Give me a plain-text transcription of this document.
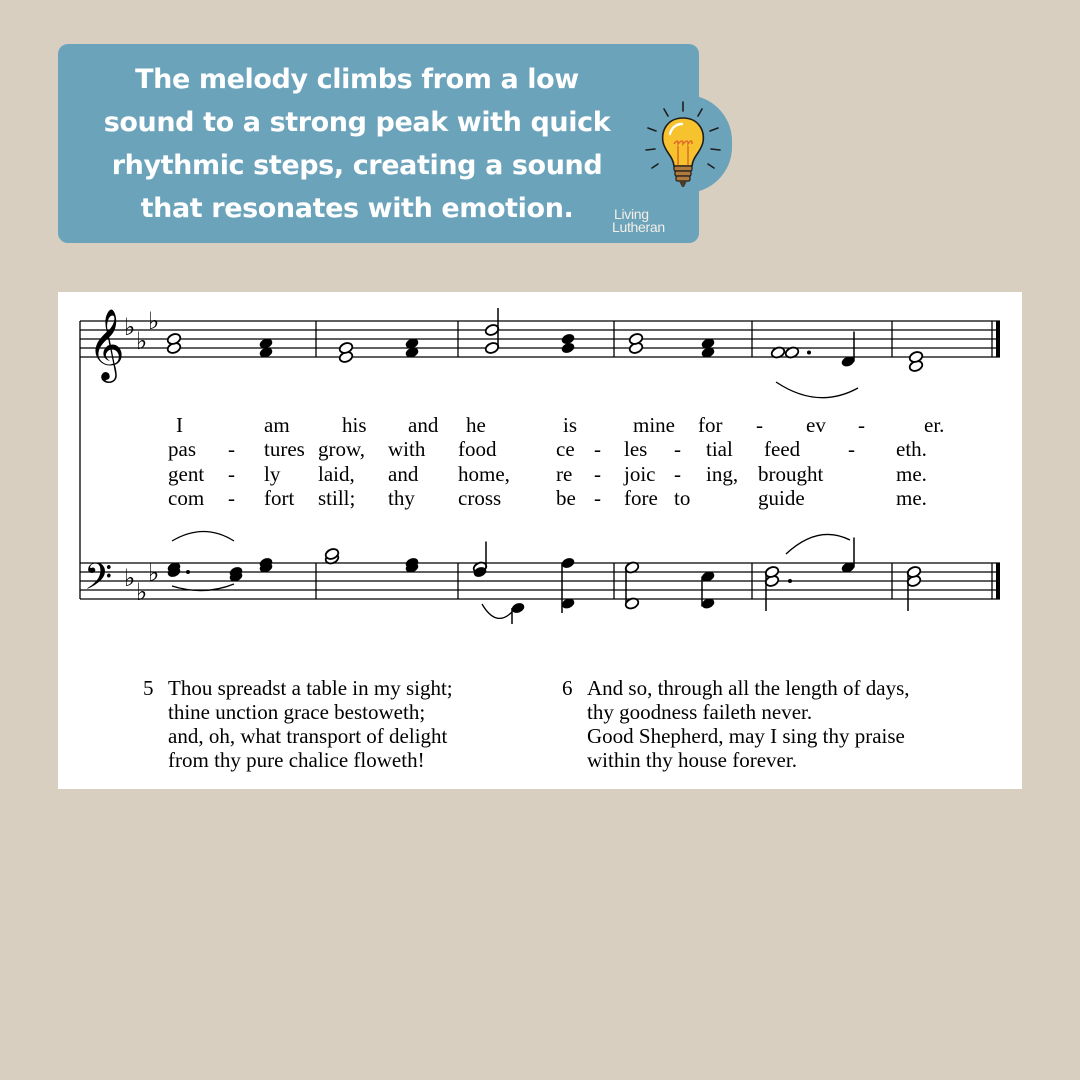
The melody climbs from a low
sound to a strong peak with quick
rhythmic steps, creating a sound
that resonates with emotion.	Living
Lutheran
𝄞
𝄢
♭ ♭
♭
♭ ♭
♭
I	am his and he	is	mine for - ev -	er.
pas - tures grow, with food	ce - les - tial feed - eth.
gent - ly laid, and home, re - joic - ing, brought	me.
com - fort still; thy cross	be - fore to	guide	me.
5 Thou spreadst a table in my sight;
thine unction grace bestoweth;
and, oh, what transport of delight
from thy pure chalice floweth!
6 And so, through all the length of days,
thy goodness faileth never.
Good Shepherd, may I sing thy praise
within thy house forever.
